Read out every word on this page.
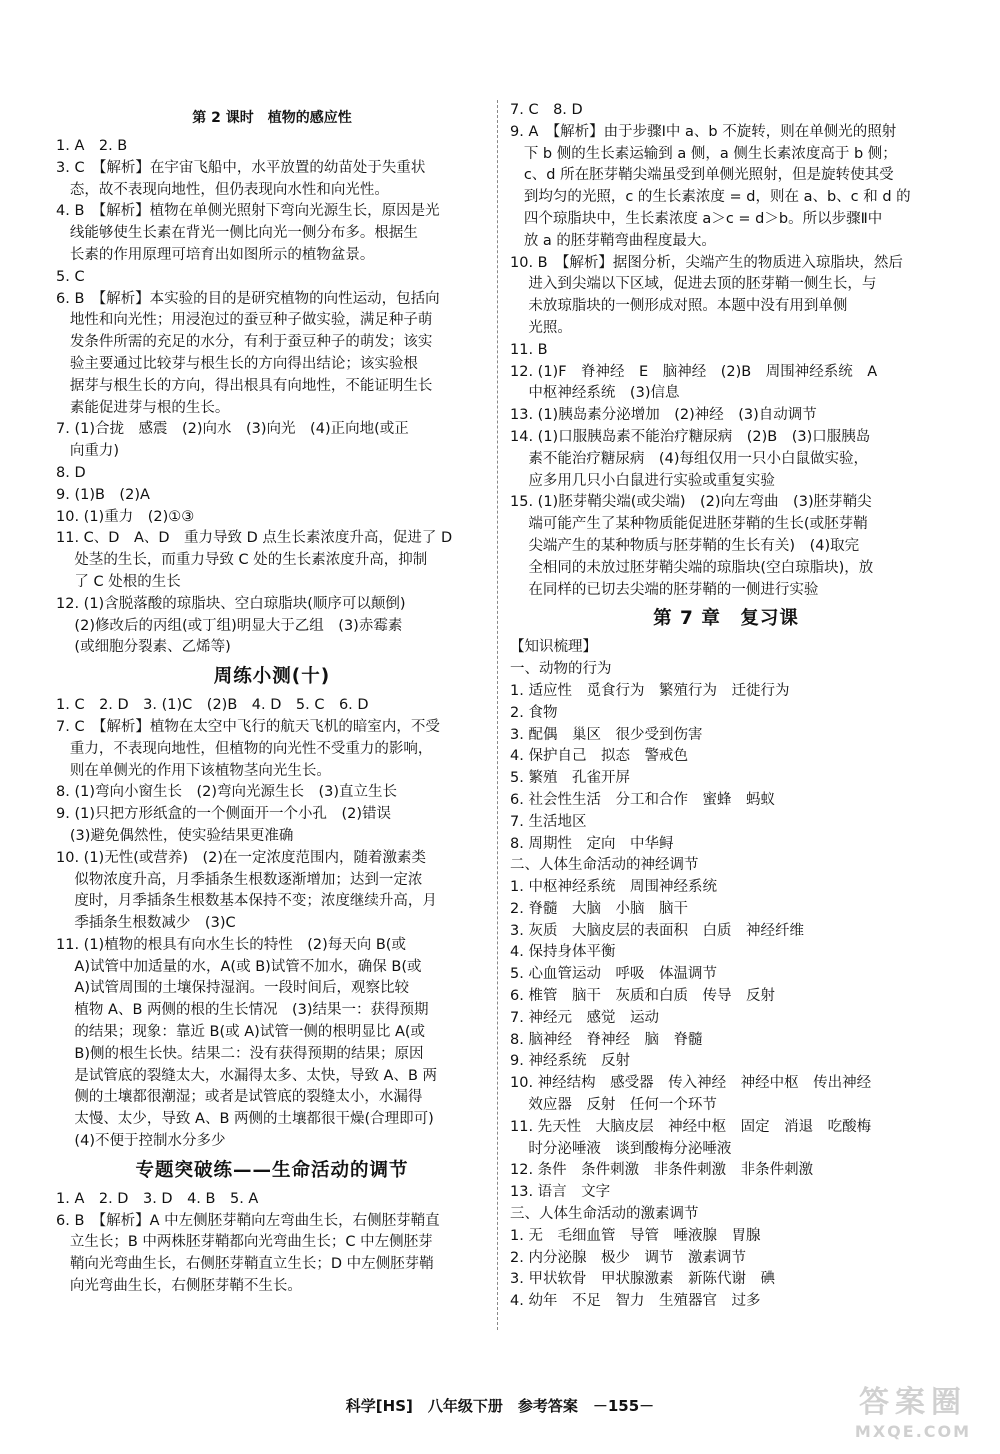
第 2 课时　植物的感应性
1. A　2. B
3. C　【解析】在宇宙飞船中，水平放置的幼苗处于失重状
态，故不表现向地性，但仍表现向水性和向光性。
4. B　【解析】植物在单侧光照射下弯向光源生长，原因是光
线能够使生长素在背光一侧比向光一侧分布多。根据生
长素的作用原理可培育出如图所示的植物盆景。
5. C
6. B　【解析】本实验的目的是研究植物的向性运动，包括向
地性和向光性；用浸泡过的蚕豆种子做实验，满足种子萌
发条件所需的充足的水分，有利于蚕豆种子的萌发；该实
验主要通过比较芽与根生长的方向得出结论；该实验根
据芽与根生长的方向，得出根具有向地性，不能证明生长
素能促进芽与根的生长。
7. (1)合拢　感震　(2)向水　(3)向光　(4)正向地(或正
向重力)
8. D
9. (1)B　(2)A
10. (1)重力　(2)①③
11. C、D　A、D　重力导致 D 点生长素浓度升高，促进了 D
处茎的生长，而重力导致 C 处的生长素浓度升高，抑制
了 C 处根的生长
12. (1)含脱落酸的琼脂块、空白琼脂块(顺序可以颠倒)
(2)修改后的丙组(或丁组)明显大于乙组　(3)赤霉素
(或细胞分裂素、乙烯等)
周练小测(十)
1. C　2. D　3. (1)C　(2)B　4. D　5. C　6. D
7. C　【解析】植物在太空中飞行的航天飞机的暗室内，不受
重力，不表现向地性，但植物的向光性不受重力的影响，
则在单侧光的作用下该植物茎向光生长。
8. (1)弯向小窗生长　(2)弯向光源生长　(3)直立生长
9. (1)只把方形纸盒的一个侧面开一个小孔　(2)错误
(3)避免偶然性，使实验结果更准确
10. (1)无性(或营养)　(2)在一定浓度范围内，随着激素类
似物浓度升高，月季插条生根数逐渐增加；达到一定浓
度时，月季插条生根数基本保持不变；浓度继续升高，月
季插条生根数减少　(3)C
11. (1)植物的根具有向水生长的特性　(2)每天向 B(或
A)试管中加适量的水，A(或 B)试管不加水，确保 B(或
A)试管周围的土壤保持湿润。一段时间后，观察比较
植物 A、B 两侧的根的生长情况　(3)结果一：获得预期
的结果；现象：靠近 B(或 A)试管一侧的根明显比 A(或
B)侧的根生长快。结果二：没有获得预期的结果；原因
是试管底的裂缝太大，水漏得太多、太快，导致 A、B 两
侧的土壤都很潮湿；或者是试管底的裂缝太小，水漏得
太慢、太少，导致 A、B 两侧的土壤都很干燥(合理即可)
(4)不便于控制水分多少
专题突破练——生命活动的调节
1. A　2. D　3. D　4. B　5. A
6. B　【解析】A 中左侧胚芽鞘向左弯曲生长，右侧胚芽鞘直
立生长；B 中两株胚芽鞘都向光弯曲生长；C 中左侧胚芽
鞘向光弯曲生长，右侧胚芽鞘直立生长；D 中左侧胚芽鞘
向光弯曲生长，右侧胚芽鞘不生长。
7. C　8. D
9. A　【解析】由于步骤Ⅰ中 a、b 不旋转，则在单侧光的照射
下 b 侧的生长素运输到 a 侧，a 侧生长素浓度高于 b 侧；
c、d 所在胚芽鞘尖端虽受到单侧光照射，但是旋转使其受
到均匀的光照，c 的生长素浓度 = d，则在 a、b、c 和 d 的
四个琼脂块中，生长素浓度 a＞c = d＞b。所以步骤Ⅱ中
放 a 的胚芽鞘弯曲程度最大。
10. B　【解析】据图分析，尖端产生的物质进入琼脂块，然后
进入到尖端以下区域，促进去顶的胚芽鞘一侧生长，与
未放琼脂块的一侧形成对照。本题中没有用到单侧
光照。
11. B
12. (1)F　脊神经　E　脑神经　(2)B　周围神经系统　A
中枢神经系统　(3)信息
13. (1)胰岛素分泌增加　(2)神经　(3)自动调节
14. (1)口服胰岛素不能治疗糖尿病　(2)B　(3)口服胰岛
素不能治疗糖尿病　(4)每组仅用一只小白鼠做实验，
应多用几只小白鼠进行实验或重复实验
15. (1)胚芽鞘尖端(或尖端)　(2)向左弯曲　(3)胚芽鞘尖
端可能产生了某种物质能促进胚芽鞘的生长(或胚芽鞘
尖端产生的某种物质与胚芽鞘的生长有关)　(4)取完
全相同的未放过胚芽鞘尖端的琼脂块(空白琼脂块)，放
在同样的已切去尖端的胚芽鞘的一侧进行实验
第 7 章　复习课
【知识梳理】
一、动物的行为
1. 适应性　觅食行为　繁殖行为　迁徙行为
2. 食物
3. 配偶　巢区　很少受到伤害
4. 保护自己　拟态　警戒色
5. 繁殖　孔雀开屏
6. 社会性生活　分工和合作　蜜蜂　蚂蚁
7. 生活地区
8. 周期性　定向　中华鲟
二、人体生命活动的神经调节
1. 中枢神经系统　周围神经系统
2. 脊髓　大脑　小脑　脑干
3. 灰质　大脑皮层的表面积　白质　神经纤维
4. 保持身体平衡
5. 心血管运动　呼吸　体温调节
6. 椎管　脑干　灰质和白质　传导　反射
7. 神经元　感觉　运动
8. 脑神经　脊神经　脑　脊髓
9. 神经系统　反射
10. 神经结构　感受器　传入神经　神经中枢　传出神经
效应器　反射　任何一个环节
11. 先天性　大脑皮层　神经中枢　固定　消退　吃酸梅
时分泌唾液　谈到酸梅分泌唾液
12. 条件　条件刺激　非条件刺激　非条件刺激
13. 语言　文字
三、人体生命活动的激素调节
1. 无　毛细血管　导管　唾液腺　胃腺
2. 内分泌腺　极少　调节　激素调节
3. 甲状软骨　甲状腺激素　新陈代谢　碘
4. 幼年　不足　智力　生殖器官　过多
科学[HS]　八年级下册　参考答案　－155－	答案圈
MXQE.COM
